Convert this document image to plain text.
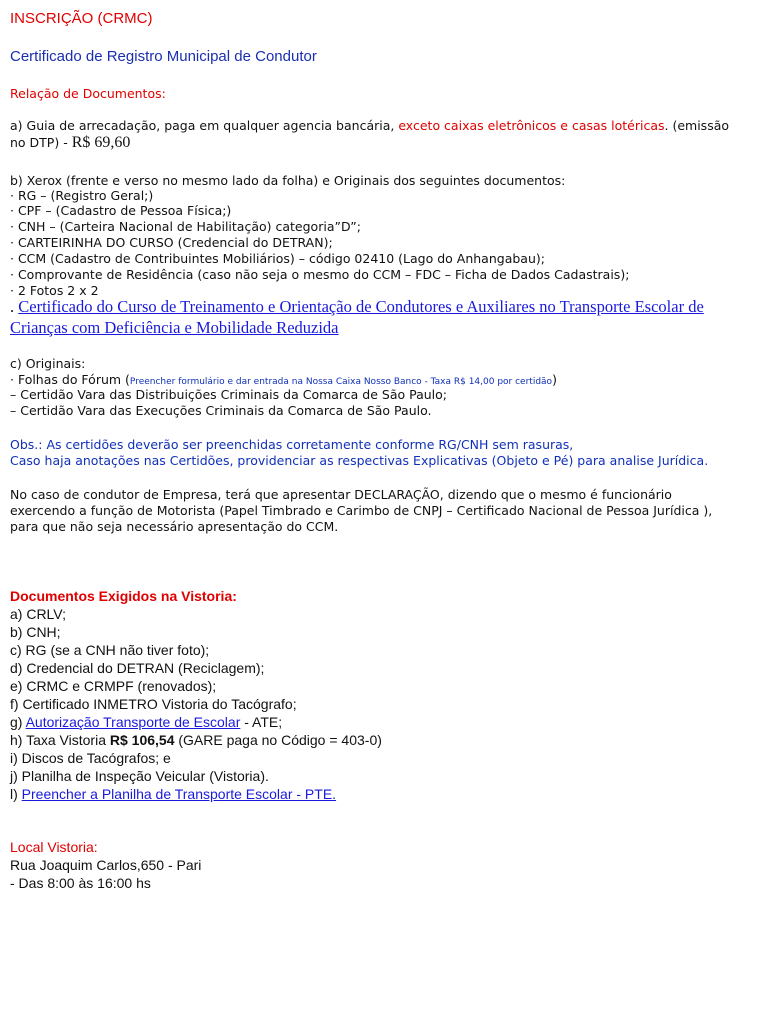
INSCRIÇÃO (CRMC)
Certificado de Registro Municipal de Condutor
Relação de Documentos:
a) Guia de arrecadação, paga em qualquer agencia bancária, exceto caixas eletrônicos e casas lotéricas. (emissão
no DTP) - R$ 69,60
b) Xerox (frente e verso no mesmo lado da folha) e Originais dos seguintes documentos:
· RG – (Registro Geral;)
· CPF – (Cadastro de Pessoa Física;)
· CNH – (Carteira Nacional de Habilitação) categoria”D”;
· CARTEIRINHA DO CURSO (Credencial do DETRAN);
· CCM (Cadastro de Contribuintes Mobiliários) – código 02410 (Lago do Anhangabau);
· Comprovante de Residência (caso não seja o mesmo do CCM – FDC – Ficha de Dados Cadastrais);
· 2 Fotos 2 x 2
. Certificado do Curso de Treinamento e Orientação de Condutores e Auxiliares no Transporte Escolar de
Crianças com Deficiência e Mobilidade Reduzida
c) Originais:
· Folhas do Fórum (Preencher formulário e dar entrada na Nossa Caixa Nosso Banco - Taxa R$ 14,00 por certidão)
– Certidão Vara das Distribuições Criminais da Comarca de São Paulo;
– Certidão Vara das Execuções Criminais da Comarca de São Paulo.
Obs.: As certidões deverão ser preenchidas corretamente conforme RG/CNH sem rasuras,
Caso haja anotações nas Certidões, providenciar as respectivas Explicativas (Objeto e Pé) para analise Jurídica.
No caso de condutor de Empresa, terá que apresentar DECLARAÇÃO, dizendo que o mesmo é funcionário
exercendo a função de Motorista (Papel Timbrado e Carimbo de CNPJ – Certificado Nacional de Pessoa Jurídica ),
para que não seja necessário apresentação do CCM.
Documentos Exigidos na Vistoria:
a) CRLV;
b) CNH;
c) RG (se a CNH não tiver foto);
d) Credencial do DETRAN (Reciclagem);
e) CRMC e CRMPF (renovados);
f) Certificado INMETRO Vistoria do Tacógrafo;
g) Autorização Transporte de Escolar - ATE;
h) Taxa Vistoria R$ 106,54 (GARE paga no Código = 403-0)
i) Discos de Tacógrafos; e
j) Planilha de Inspeção Veicular (Vistoria).
l) Preencher a Planilha de Transporte Escolar - PTE.
Local Vistoria:
Rua Joaquim Carlos,650 - Pari
- Das 8:00 às 16:00 hs
